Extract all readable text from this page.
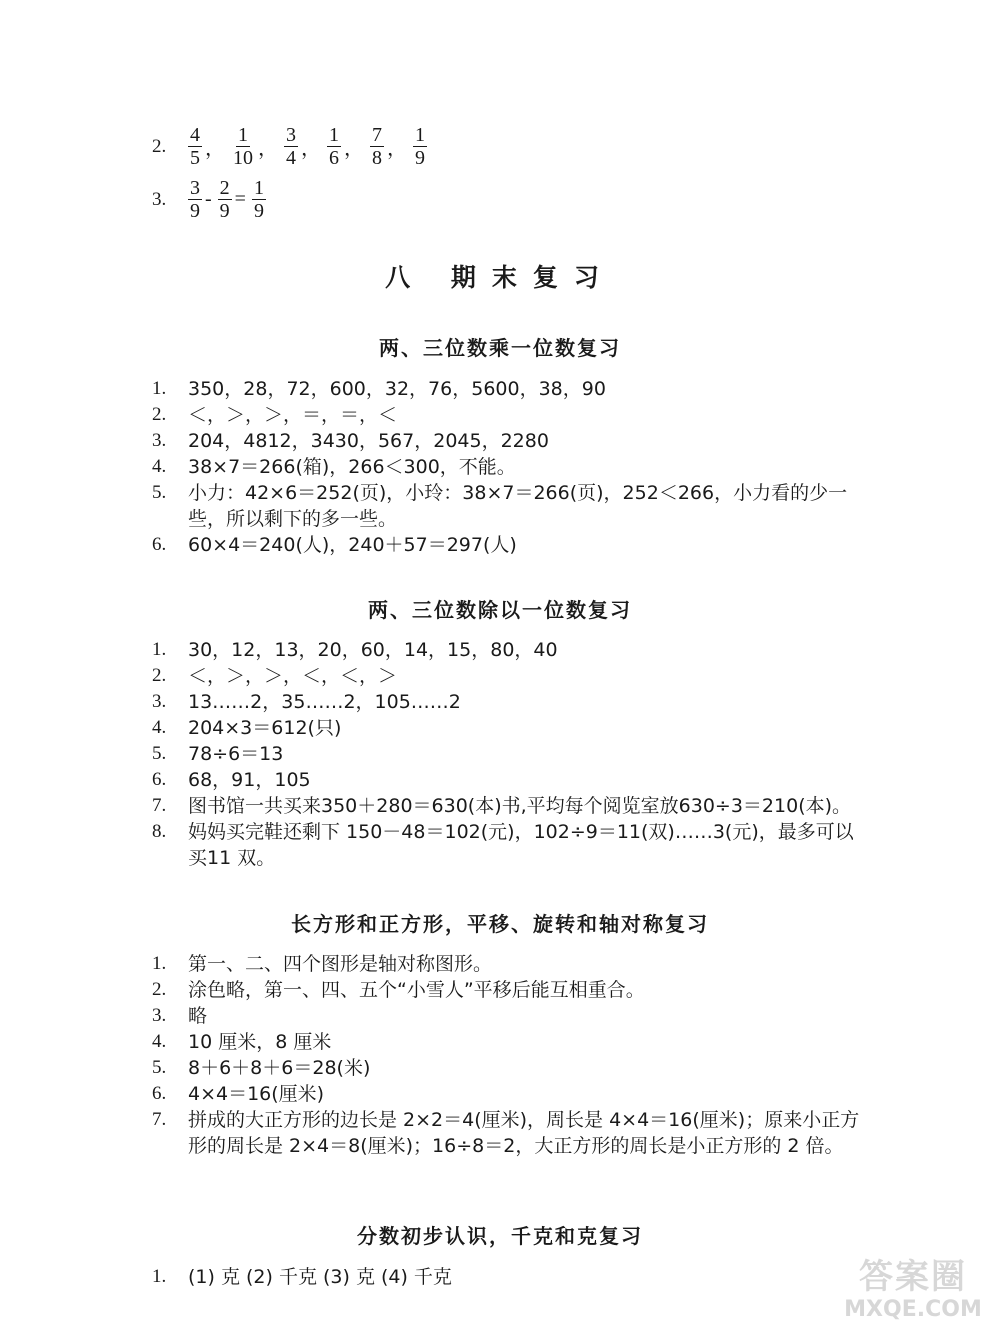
2.	$\frac{4}{5}$ ， $\frac{1}{10}$ ， $\frac{3}{4}$ ， $\frac{1}{6}$ ， $\frac{7}{8}$ ， $\frac{1}{9}$
3.	$\frac{3}{9} - \frac{2}{9} = \frac{1}{9}$
八 期末复习
两、三位数乘一位数复习
1.	350，28，72，600，32，76，5600，38，90
2.	＜，＞，＞，＝，＝，＜
3.	204，4812，3430，567，2045，2280
4.	38×7＝266(箱)，266＜300，不能。
5.	小力：42×6＝252(页)，小玲：38×7＝266(页)，252＜266，小力看的少一些，所以剩下的多一些。
6.	60×4＝240(人)，240＋57＝297(人)
两、三位数除以一位数复习
1.	30，12，13，20，60，14，15，80，40
2.	＜，＞，＞，＜，＜，＞
3.	13……2，35……2，105……2
4.	204×3＝612(只)
5.	78÷6＝13
6.	68，91，105
7.	图书馆一共买来350＋280＝630(本)书,平均每个阅览室放630÷3＝210(本)。
8.	妈妈买完鞋还剩下 150－48＝102(元)，102÷9＝11(双)……3(元)，最多可以买11 双。
长方形和正方形，平移、旋转和轴对称复习
1.	第一、二、四个图形是轴对称图形。
2.	涂色略，第一、四、五个“小雪人”平移后能互相重合。
3.	略
4.	10 厘米，8 厘米
5.	8＋6＋8＋6＝28(米)
6.	4×4＝16(厘米)
7.	拼成的大正方形的边长是 2×2＝4(厘米)，周长是 4×4＝16(厘米)；原来小正方形的周长是 2×4＝8(厘米)；16÷8＝2，大正方形的周长是小正方形的 2 倍。
分数初步认识，千克和克复习
1.	(1) 克 (2) 千克 (3) 克 (4) 千克	答案圈
MXQE.COM
